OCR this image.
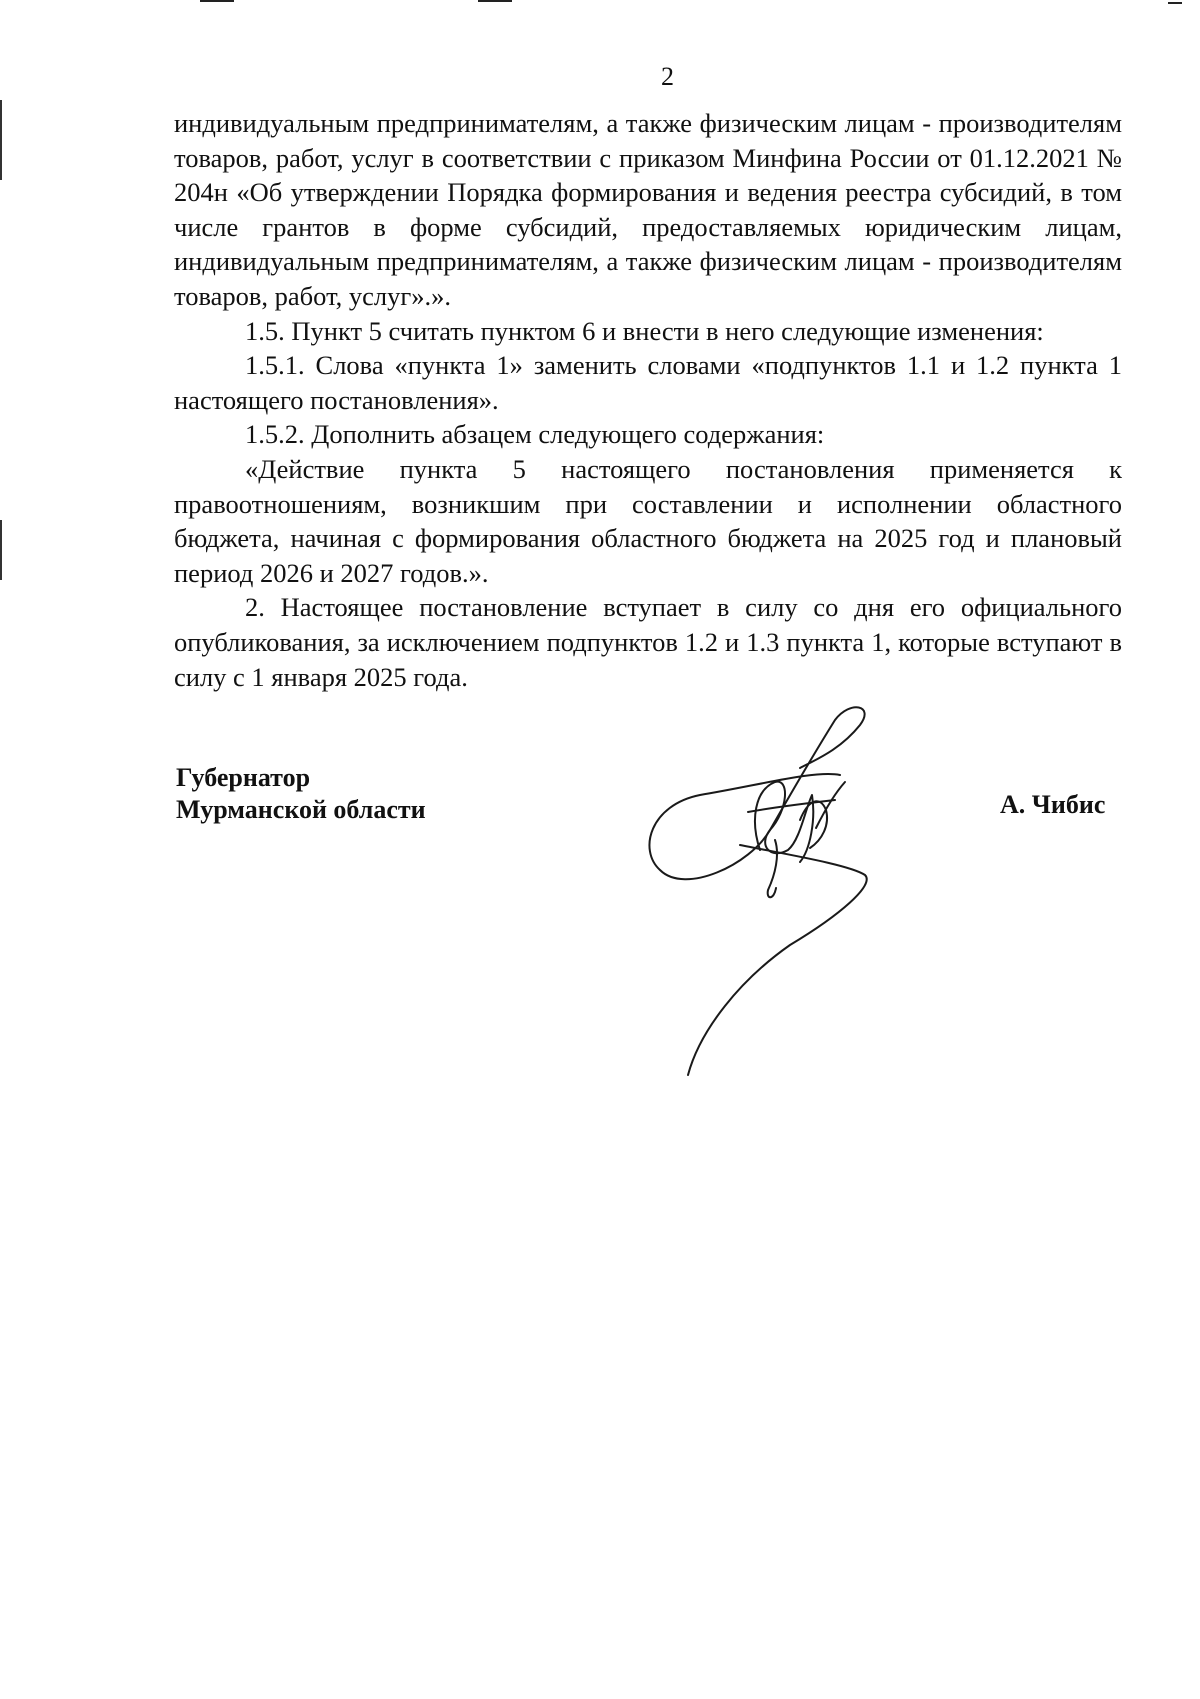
2

индивидуальным предпринимателям, а также физическим лицам - производителям товаров, работ, услуг в соответствии с приказом Минфина России от 01.12.2021 № 204н «Об утверждении Порядка формирования и ведения реестра субсидий, в том числе грантов в форме субсидий, предоставляемых юридическим лицам, индивидуальным предпринимателям, а также физическим лицам - производителям товаров, работ, услуг».».

1.5. Пункт 5 считать пунктом 6 и внести в него следующие изменения:

1.5.1. Слова «пункта 1» заменить словами «подпунктов 1.1 и 1.2 пункта 1 настоящего постановления».

1.5.2. Дополнить абзацем следующего содержания:

«Действие пункта 5 настоящего постановления применяется к правоотношениям, возникшим при составлении и исполнении областного бюджета, начиная с формирования областного бюджета на 2025 год и плановый период 2026 и 2027 годов.».

2. Настоящее постановление вступает в силу со дня его официального опубликования, за исключением подпунктов 1.2 и 1.3 пункта 1, которые вступают в силу с 1 января 2025 года.

Губернатор
Мурманской области	А. Чибис
